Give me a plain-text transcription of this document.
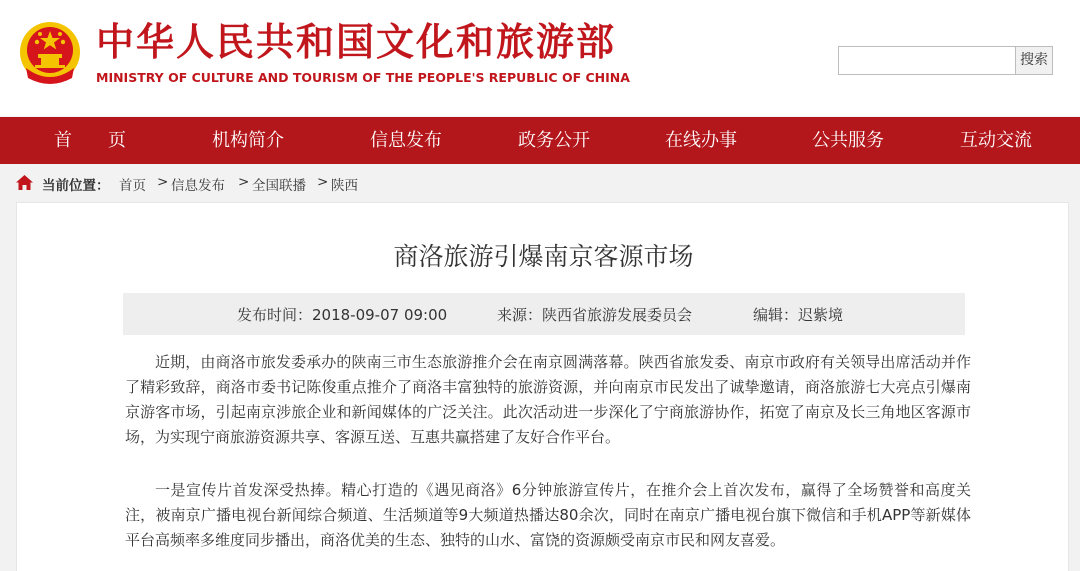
中华人民共和国文化和旅游部
MINISTRY OF CULTURE AND TOURISM OF THE PEOPLE'S REPUBLIC OF CHINA
搜索
首　　页	机构简介	信息发布	政务公开	在线办事	公共服务	互动交流
当前位置： 首页 > 信息发布 > 全国联播 > 陕西
商洛旅游引爆南京客源市场
发布时间：2018-09-07 09:00	来源：陕西省旅游发展委员会	编辑：迟紫境

近期，由商洛市旅发委承办的陕南三市生态旅游推介会在南京圆满落幕。陕西省旅发委、南京市政府有关领导出席活动并作了精彩致辞，商洛市委书记陈俊重点推介了商洛丰富独特的旅游资源，并向南京市民发出了诚挚邀请，商洛旅游七大亮点引爆南京游客市场，引起南京涉旅企业和新闻媒体的广泛关注。此次活动进一步深化了宁商旅游协作，拓宽了南京及长三角地区客源市场，为实现宁商旅游资源共享、客源互送、互惠共赢搭建了友好合作平台。

一是宣传片首发深受热捧。精心打造的《遇见商洛》6分钟旅游宣传片，在推介会上首次发布，赢得了全场赞誉和高度关注，被南京广播电视台新闻综合频道、生活频道等9大频道热播达80余次，同时在南京广播电视台旗下微信和手机APP等新媒体平台高频率多维度同步播出，商洛优美的生态、独特的山水、富饶的资源颇受南京市民和网友喜爱。
